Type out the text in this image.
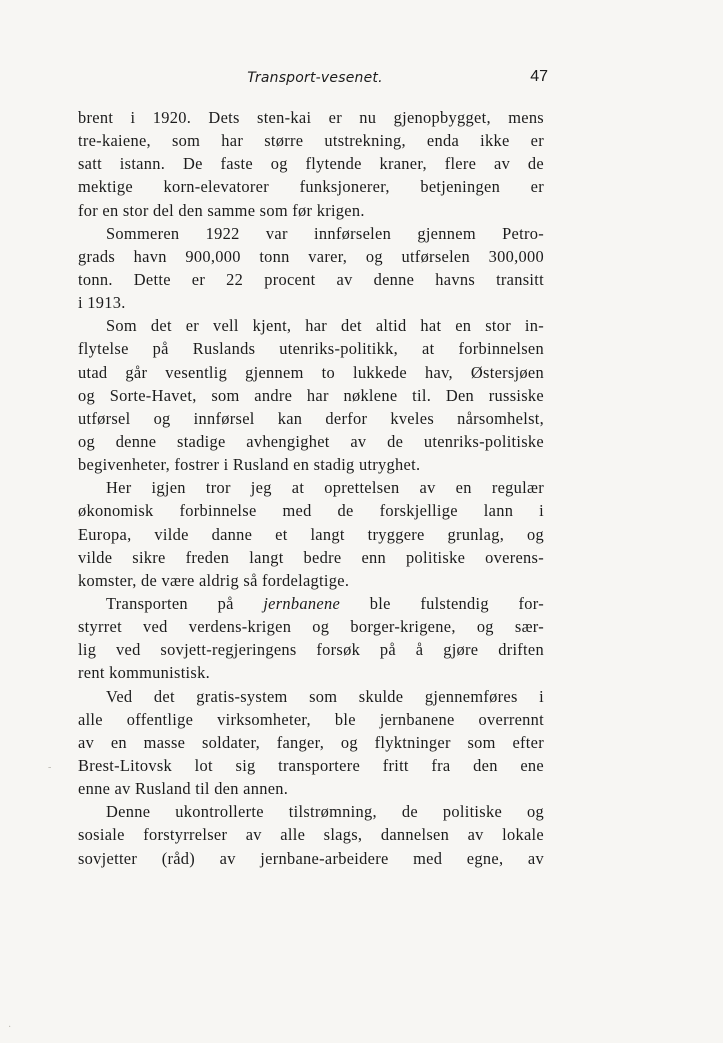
Transport-vesenet.	47
brent i 1920. Dets sten-kai er nu gjenopbygget, mens
tre-kaiene, som har større utstrekning, enda ikke er
satt istann. De faste og flytende kraner, flere av de
mektige korn-elevatorer funksjonerer, betjeningen er
for en stor del den samme som før krigen.
Sommeren 1922 var innførselen gjennem Petro-
grads havn 900,000 tonn varer, og utførselen 300,000
tonn. Dette er 22 procent av denne havns transitt
i 1913.
Som det er vell kjent, har det altid hat en stor in-
flytelse på Ruslands utenriks-politikk, at forbinnelsen
utad går vesentlig gjennem to lukkede hav, Østersjøen
og Sorte-Havet, som andre har nøklene til. Den russiske
utførsel og innførsel kan derfor kveles nårsomhelst,
og denne stadige avhengighet av de utenriks-politiske
begivenheter, fostrer i Rusland en stadig utryghet.
Her igjen tror jeg at oprettelsen av en regulær
økonomisk forbinnelse med de forskjellige lann i
Europa, vilde danne et langt tryggere grunlag, og
vilde sikre freden langt bedre enn politiske overens-
komster, de være aldrig så fordelagtige.
Transporten på jernbanene ble fulstendig for-
styrret ved verdens-krigen og borger-krigene, og sær-
lig ved sovjett-regjeringens forsøk på å gjøre driften
rent kommunistisk.
Ved det gratis-system som skulde gjennemføres i
alle offentlige virksomheter, ble jernbanene overrennt
av en masse soldater, fanger, og flyktninger som efter
Brest-Litovsk lot sig transportere fritt fra den ene
enne av Rusland til den annen.
Denne ukontrollerte tilstrømning, de politiske og
sosiale forstyrrelser av alle slags, dannelsen av lokale
sovjetter (råd) av jernbane-arbeidere med egne, av
-
·
